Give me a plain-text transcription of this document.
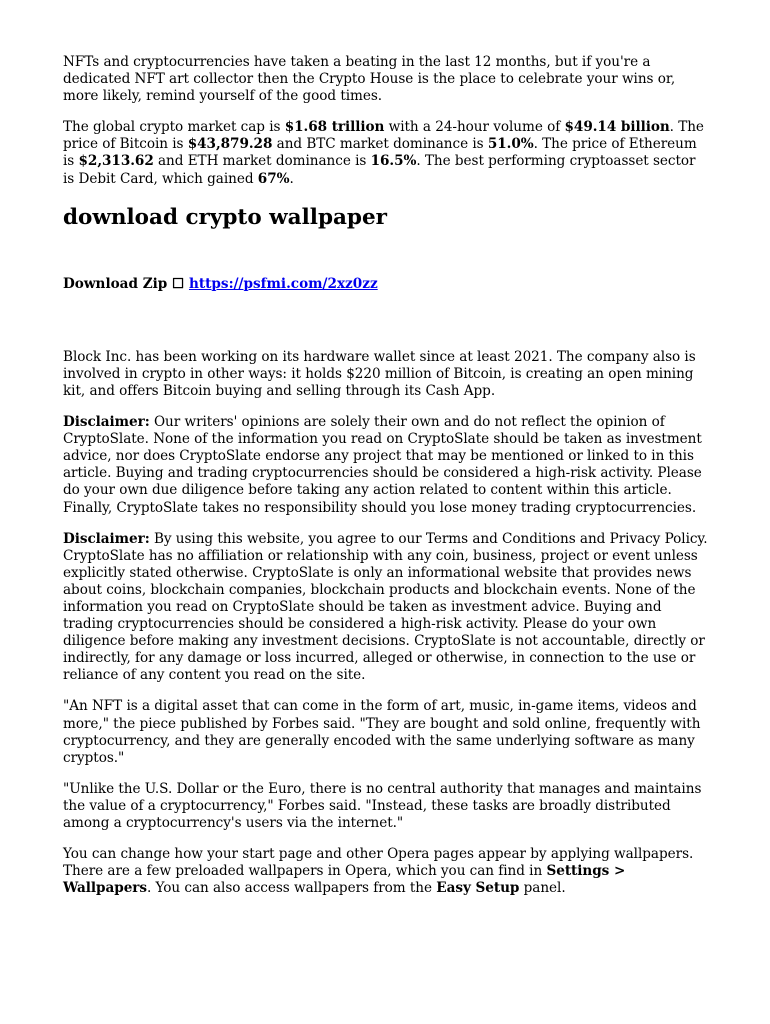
NFTs and cryptocurrencies have taken a beating in the last 12 months, but if you're a dedicated NFT art collector then the Crypto House is the place to celebrate your wins or, more likely, remind yourself of the good times.

The global crypto market cap is $1.68 trillion with a 24-hour volume of $49.14 billion. The price of Bitcoin is $43,879.28 and BTC market dominance is 51.0%. The price of Ethereum is $2,313.62 and ETH market dominance is 16.5%. The best performing cryptoasset sector is Debit Card, which gained 67%.

download crypto wallpaper
Download Zip ☐ https://psfmi.com/2xz0zz

Block Inc. has been working on its hardware wallet since at least 2021. The company also is involved in crypto in other ways: it holds $220 million of Bitcoin, is creating an open mining kit, and offers Bitcoin buying and selling through its Cash App.

Disclaimer: Our writers' opinions are solely their own and do not reflect the opinion of CryptoSlate. None of the information you read on CryptoSlate should be taken as investment advice, nor does CryptoSlate endorse any project that may be mentioned or linked to in this article. Buying and trading cryptocurrencies should be considered a high-risk activity. Please do your own due diligence before taking any action related to content within this article. Finally, CryptoSlate takes no responsibility should you lose money trading cryptocurrencies.

Disclaimer: By using this website, you agree to our Terms and Conditions and Privacy Policy. CryptoSlate has no affiliation or relationship with any coin, business, project or event unless explicitly stated otherwise. CryptoSlate is only an informational website that provides news about coins, blockchain companies, blockchain products and blockchain events. None of the information you read on CryptoSlate should be taken as investment advice. Buying and trading cryptocurrencies should be considered a high-risk activity. Please do your own diligence before making any investment decisions. CryptoSlate is not accountable, directly or indirectly, for any damage or loss incurred, alleged or otherwise, in connection to the use or reliance of any content you read on the site.

"An NFT is a digital asset that can come in the form of art, music, in-game items, videos and more," the piece published by Forbes said. "They are bought and sold online, frequently with cryptocurrency, and they are generally encoded with the same underlying software as many cryptos."

"Unlike the U.S. Dollar or the Euro, there is no central authority that manages and maintains the value of a cryptocurrency," Forbes said. "Instead, these tasks are broadly distributed among a cryptocurrency's users via the internet."

You can change how your start page and other Opera pages appear by applying wallpapers. There are a few preloaded wallpapers in Opera, which you can find in Settings > Wallpapers. You can also access wallpapers from the Easy Setup panel.
